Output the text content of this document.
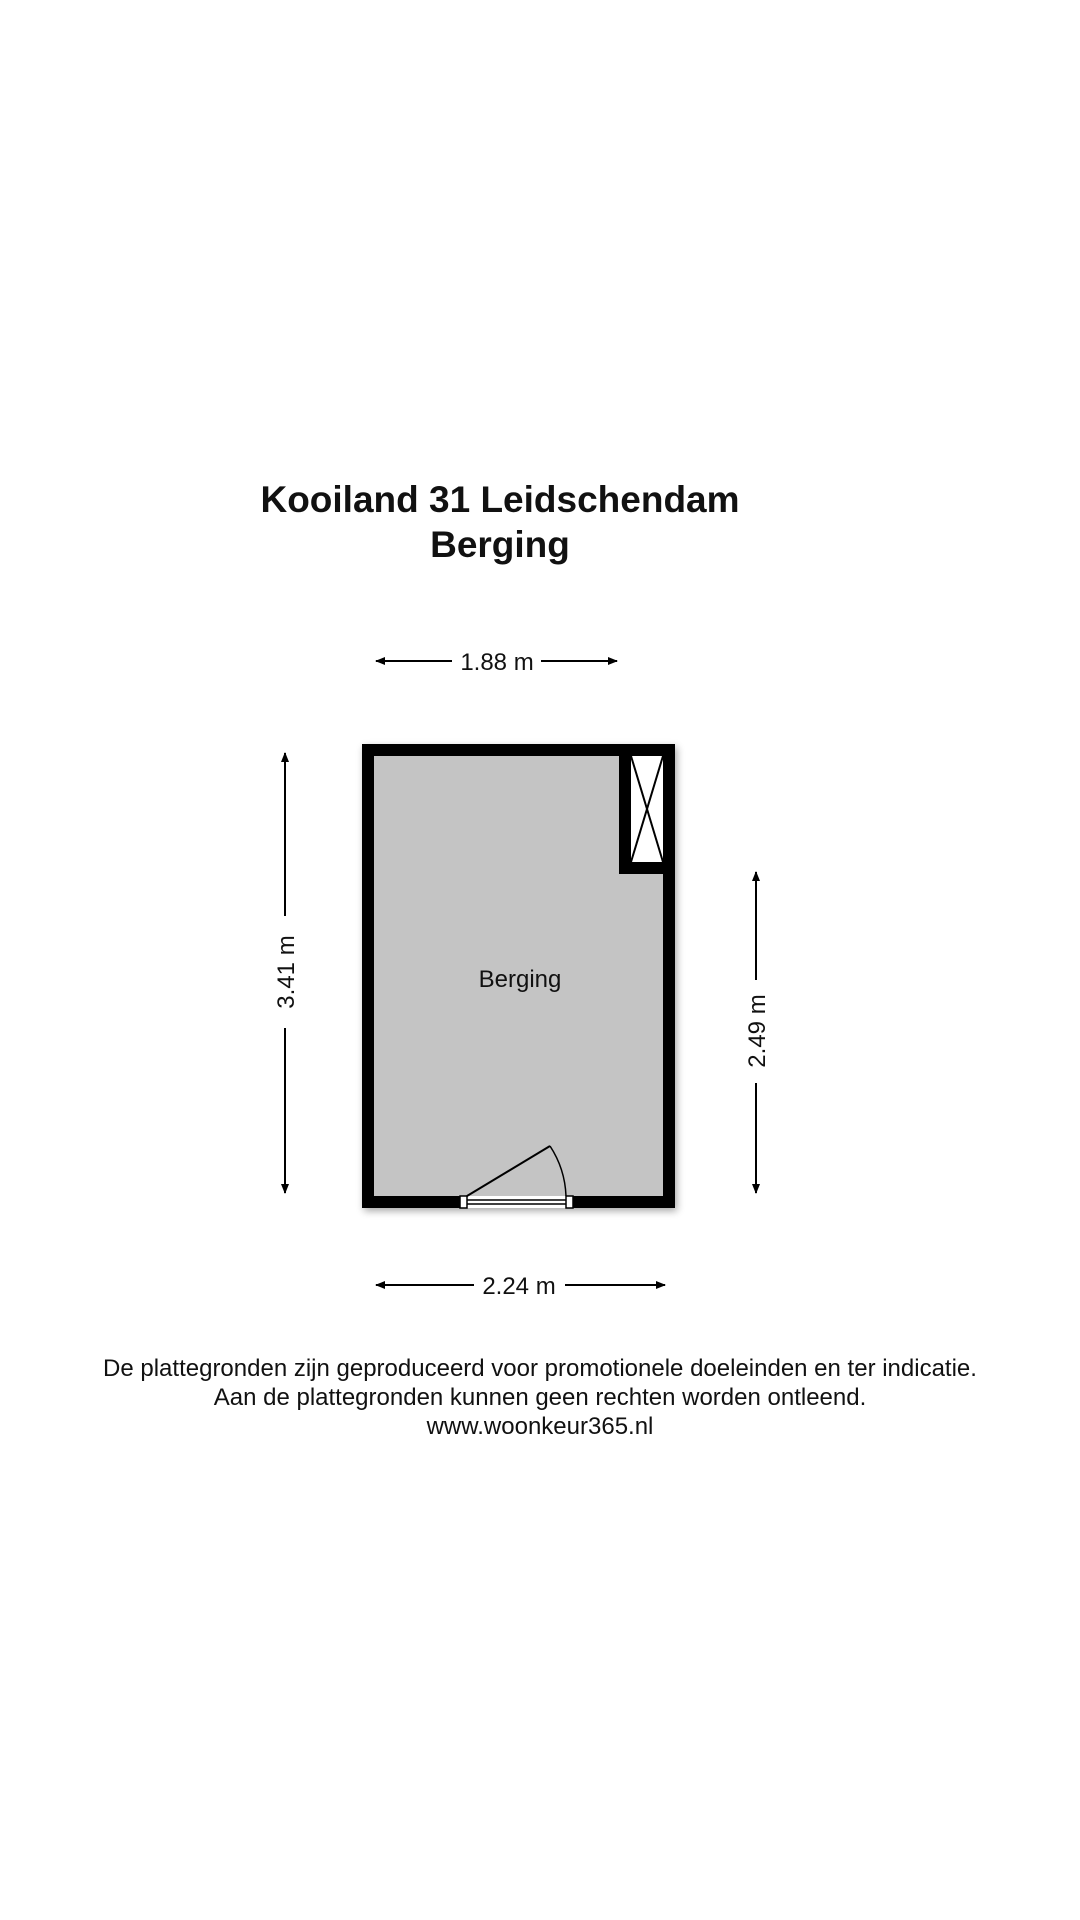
Kooiland 31 Leidschendam
Berging
1.88 m
3.41 m
2.49 m
2.24 m
Berging

De plattegronden zijn geproduceerd voor promotionele doeleinden en ter indicatie.

Aan de plattegronden kunnen geen rechten worden ontleend.

www.woonkeur365.nl
